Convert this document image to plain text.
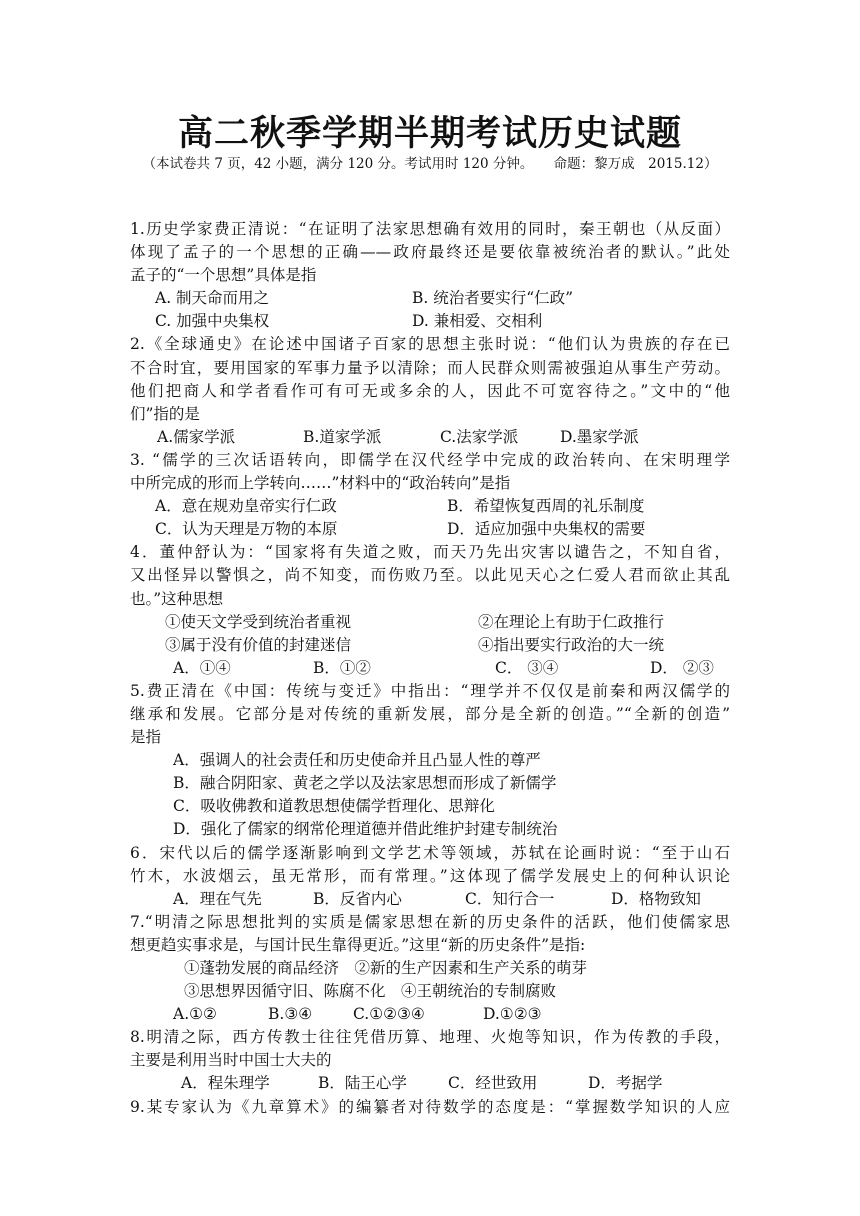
高二秋季学期半期考试历史试题
（本试卷共 7 页，42 小题，满分 120 分。考试用时 120 分钟。　　命题：黎万成　2015.12）
1.历史学家费正清说：“在证明了法家思想确有效用的同时，秦王朝也（从反面）
体现了孟子的一个思想的正确——政府最终还是要依靠被统治者的默认。”此处
孟子的“一个思想”具体是指
A. 制天命而用之	B. 统治者要实行“仁政”
C. 加强中央集权	D. 兼相爱、交相利
2.《全球通史》在论述中国诸子百家的思想主张时说：“他们认为贵族的存在已
不合时宜，要用国家的军事力量予以清除；而人民群众则需被强迫从事生产劳动。
他们把商人和学者看作可有可无或多余的人，因此不可宽容待之。”文中的“他
们”指的是
A.儒家学派	B.道家学派	C.法家学派	D.墨家学派
3. “儒学的三次话语转向，即儒学在汉代经学中完成的政治转向、在宋明理学
中所完成的形而上学转向……”材料中的“政治转向”是指
A．意在规劝皇帝实行仁政	B．希望恢复西周的礼乐制度
C．认为天理是万物的本原	D．适应加强中央集权的需要
4．董仲舒认为：“国家将有失道之败，而天乃先出灾害以谴告之，不知自省，
又出怪异以警惧之，尚不知变，而伤败乃至。以此见天心之仁爱人君而欲止其乱
也。”这种思想
①使天文学受到统治者重视	②在理论上有助于仁政推行
③属于没有价值的封建迷信	④指出要实行政治的大一统
A．①④	B．①②	C． ③④	D． ②③
5.费正清在《中国：传统与变迁》中指出：“理学并不仅仅是前秦和两汉儒学的
继承和发展。它部分是对传统的重新发展，部分是全新的创造。”“全新的创造”
是指
A．强调人的社会责任和历史使命并且凸显人性的尊严
B．融合阴阳家、黄老之学以及法家思想而形成了新儒学
C．吸收佛教和道教思想使儒学哲理化、思辩化
D．强化了儒家的纲常伦理道德并借此维护封建专制统治
6．宋代以后的儒学逐渐影响到文学艺术等领域，苏轼在论画时说：“至于山石
竹木，水波烟云，虽无常形，而有常理。”这体现了儒学发展史上的何种认识论
A．理在气先	B．反省内心	C．知行合一	D．格物致知
7.“明清之际思想批判的实质是儒家思想在新的历史条件的活跃，他们使儒家思
想更趋实事求是，与国计民生靠得更近。”这里“新的历史条件”是指:
①蓬勃发展的商品经济　②新的生产因素和生产关系的萌芽
③思想界因循守旧、陈腐不化　④王朝统治的专制腐败
A.①②	B.③④	C.①②③④	D.①②③
8.明清之际，西方传教士往往凭借历算、地理、火炮等知识，作为传教的手段，
主要是利用当时中国士大夫的
A．程朱理学	B．陆王心学	C．经世致用	D．考据学
9.某专家认为《九章算术》的编纂者对待数学的态度是：“掌握数学知识的人应
